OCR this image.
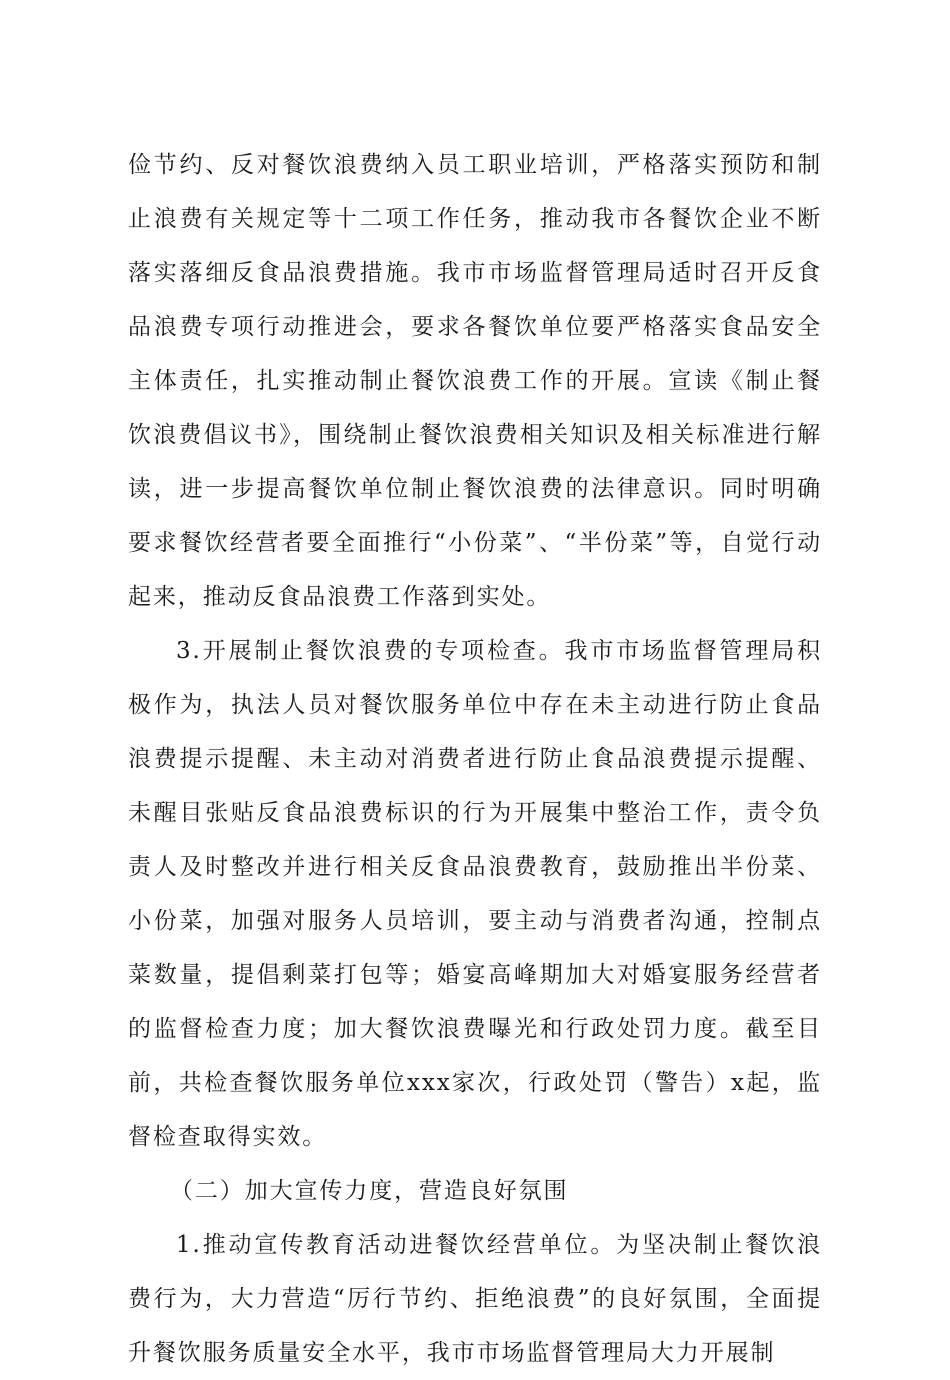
俭节约、反对餐饮浪费纳入员工职业培训，严格落实预防和制止浪费有关规定等十二项工作任务，推动我市各餐饮企业不断落实落细反食品浪费措施。我市市场监督管理局适时召开反食品浪费专项行动推进会，要求各餐饮单位要严格落实食品安全主体责任，扎实推动制止餐饮浪费工作的开展。宣读《制止餐饮浪费倡议书》，围绕制止餐饮浪费相关知识及相关标准进行解读，进一步提高餐饮单位制止餐饮浪费的法律意识。同时明确要求餐饮经营者要全面推行“小份菜”、“半份菜”等，自觉行动起来，推动反食品浪费工作落到实处。

3.开展制止餐饮浪费的专项检查。我市市场监督管理局积极作为，执法人员对餐饮服务单位中存在未主动进行防止食品浪费提示提醒、未主动对消费者进行防止食品浪费提示提醒、未醒目张贴反食品浪费标识的行为开展集中整治工作，责令负责人及时整改并进行相关反食品浪费教育，鼓励推出半份菜、小份菜，加强对服务人员培训，要主动与消费者沟通，控制点菜数量，提倡剩菜打包等；婚宴高峰期加大对婚宴服务经营者的监督检查力度；加大餐饮浪费曝光和行政处罚力度。截至目前，共检查餐饮服务单位xxx家次，行政处罚（警告）x起，监督检查取得实效。

（二）加大宣传力度，营造良好氛围

1.推动宣传教育活动进餐饮经营单位。为坚决制止餐饮浪费行为，大力营造“厉行节约、拒绝浪费”的良好氛围，全面提升餐饮服务质量安全水平，我市市场监督管理局大力开展制
